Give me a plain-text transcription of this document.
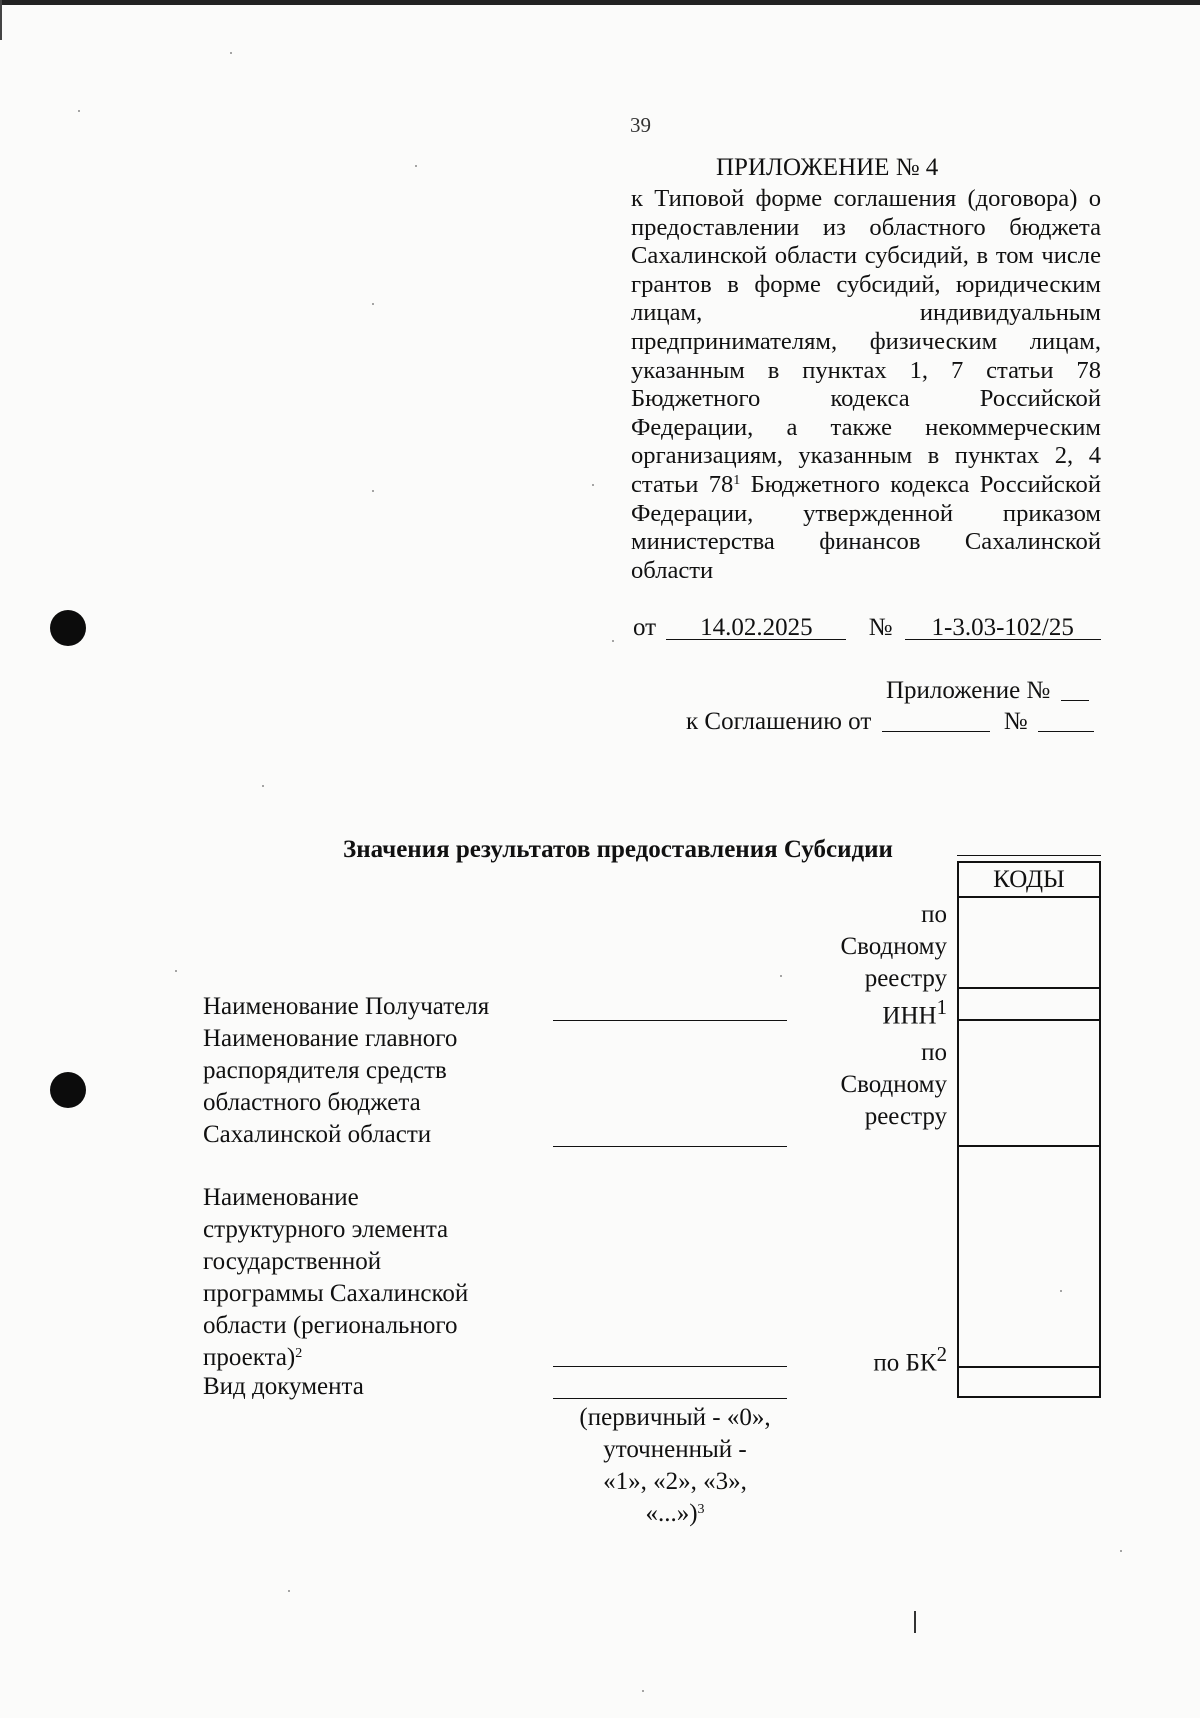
39
ПРИЛОЖЕНИЕ № 4
к Типовой форме соглашения (договора) о предоставлении из областного бюджета Сахалинской области субсидий, в том числе грантов в форме субсидий, юридическим лицам, индивидуальным предпринимателям, физическим лицам, указанным в пунктах 1, 7 статьи 78 Бюджетного кодекса Российской Федерации, а также некоммерческим организациям, указанным в пунктах 2, 4 статьи $78^1$ Бюджетного кодекса Российской Федерации, утвержденной приказом министерства финансов Сахалинской области
от 14.02.2025 № 1-3.03-102/25
Приложение №
к Соглашению от	№
Значения результатов предоставления Субсидии
КОДЫ
по
Сводному
реестру
ИНН$^1$
по
Сводному
реестру
по $БК^2$
Наименование Получателя
Наименование главного
распорядителя средств
областного бюджета
Сахалинской области
Наименование
структурного элемента
государственной
программы Сахалинской
области (регионального
проекта)$^2$
Вид документа
(первичный - «0»,
уточненный -
«1», «2», «3»,
«...»)$^3$
